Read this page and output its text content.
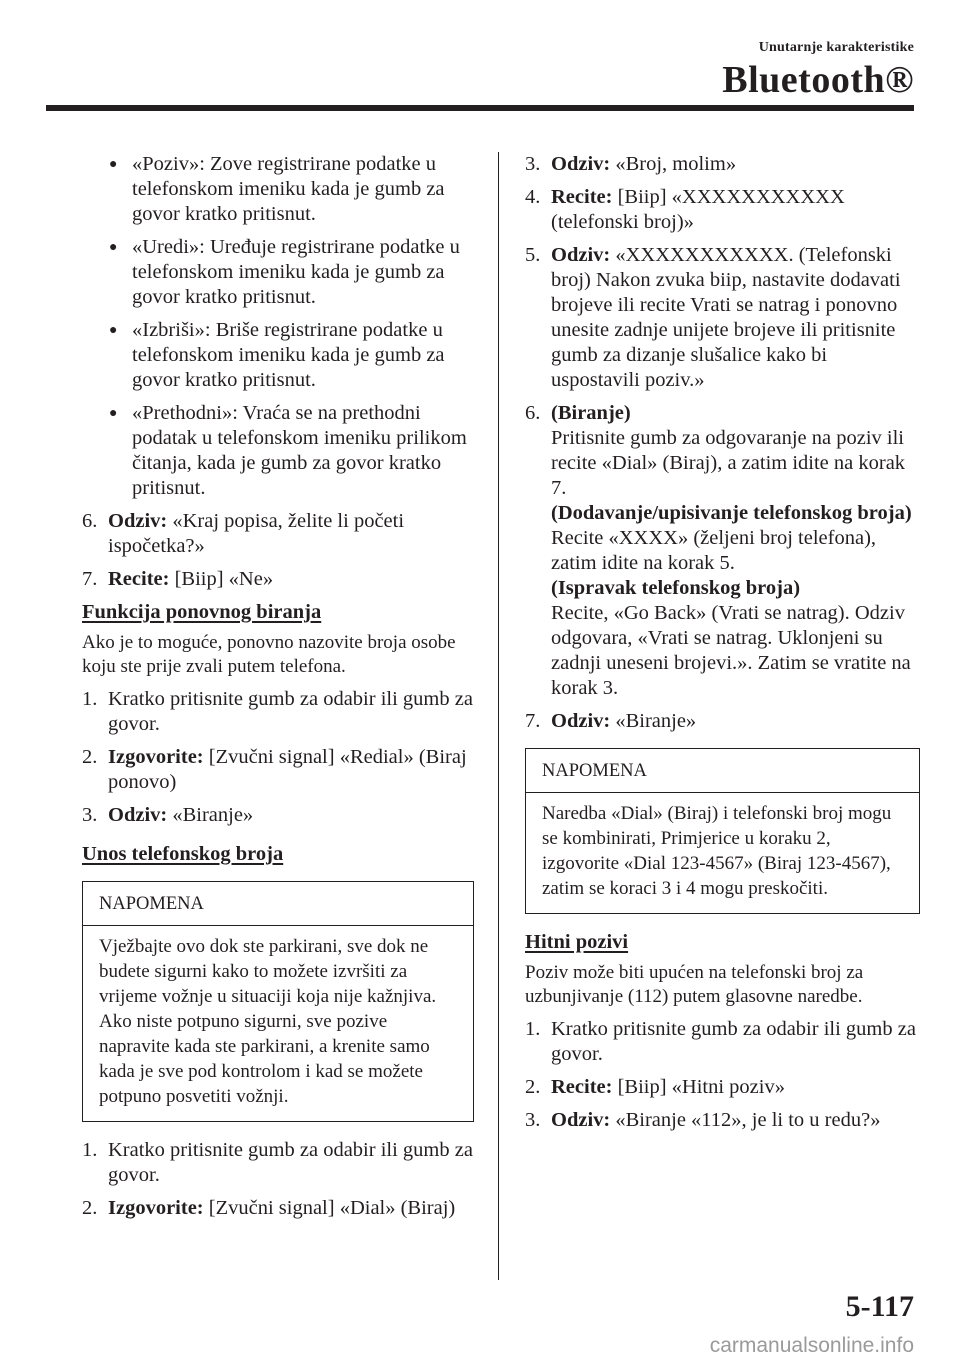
Unutarnje karakteristike
Bluetooth®
● «Poziv»: Zove registrirane podatke u telefonskom imeniku kada je gumb za govor kratko pritisnut.
● «Uredi»: Uređuje registrirane podatke u telefonskom imeniku kada je gumb za govor kratko pritisnut.
● «Izbriši»: Briše registrirane podatke u telefonskom imeniku kada je gumb za govor kratko pritisnut.
● «Prethodni»: Vraća se na prethodni podatak u telefonskom imeniku prilikom čitanja, kada je gumb za govor kratko pritisnut.
6. Odziv: «Kraj popisa, želite li početi ispočetka?»
7. Recite: [Biip] «Ne»
Funkcija ponovnog biranja
Ako je to moguće, ponovno nazovite broja osobe koju ste prije zvali putem telefona.
1. Kratko pritisnite gumb za odabir ili gumb za govor.
2. Izgovorite: [Zvučni signal] «Redial» (Biraj ponovo)
3. Odziv: «Biranje»
Unos telefonskog broja
NAPOMENA
Vježbajte ovo dok ste parkirani, sve dok ne budete sigurni kako to možete izvršiti za vrijeme vožnje u situaciji koja nije kažnjiva. Ako niste potpuno sigurni, sve pozive napravite kada ste parkirani, a krenite samo kada je sve pod kontrolom i kad se možete potpuno posvetiti vožnji.
1. Kratko pritisnite gumb za odabir ili gumb za govor.
2. Izgovorite: [Zvučni signal] «Dial» (Biraj)
3. Odziv: «Broj, molim»
4. Recite: [Biip] «XXXXXXXXXXX (telefonski broj)»
5. Odziv: «XXXXXXXXXXX. (Telefonski broj) Nakon zvuka biip, nastavite dodavati brojeve ili recite Vrati se natrag i ponovno unesite zadnje unijete brojeve ili pritisnite gumb za dizanje slušalice kako bi uspostavili poziv.»
6. (Biranje)
Pritisnite gumb za odgovaranje na poziv ili recite «Dial» (Biraj), a zatim idite na korak 7.
(Dodavanje/upisivanje telefonskog broja)
Recite «XXXX» (željeni broj telefona), zatim idite na korak 5.
(Ispravak telefonskog broja)
Recite, «Go Back» (Vrati se natrag). Odziv odgovara, «Vrati se natrag. Uklonjeni su zadnji uneseni brojevi.». Zatim se vratite na korak 3.
7. Odziv: «Biranje»
NAPOMENA
Naredba «Dial» (Biraj) i telefonski broj mogu se kombinirati, Primjerice u koraku 2, izgovorite «Dial 123-4567» (Biraj 123-4567), zatim se koraci 3 i 4 mogu preskočiti.
Hitni pozivi
Poziv može biti upućen na telefonski broj za uzbunjivanje (112) putem glasovne naredbe.
1. Kratko pritisnite gumb za odabir ili gumb za govor.
2. Recite: [Biip] «Hitni poziv»
3. Odziv: «Biranje «112», je li to u redu?»
5-117
carmanualsonline.info
